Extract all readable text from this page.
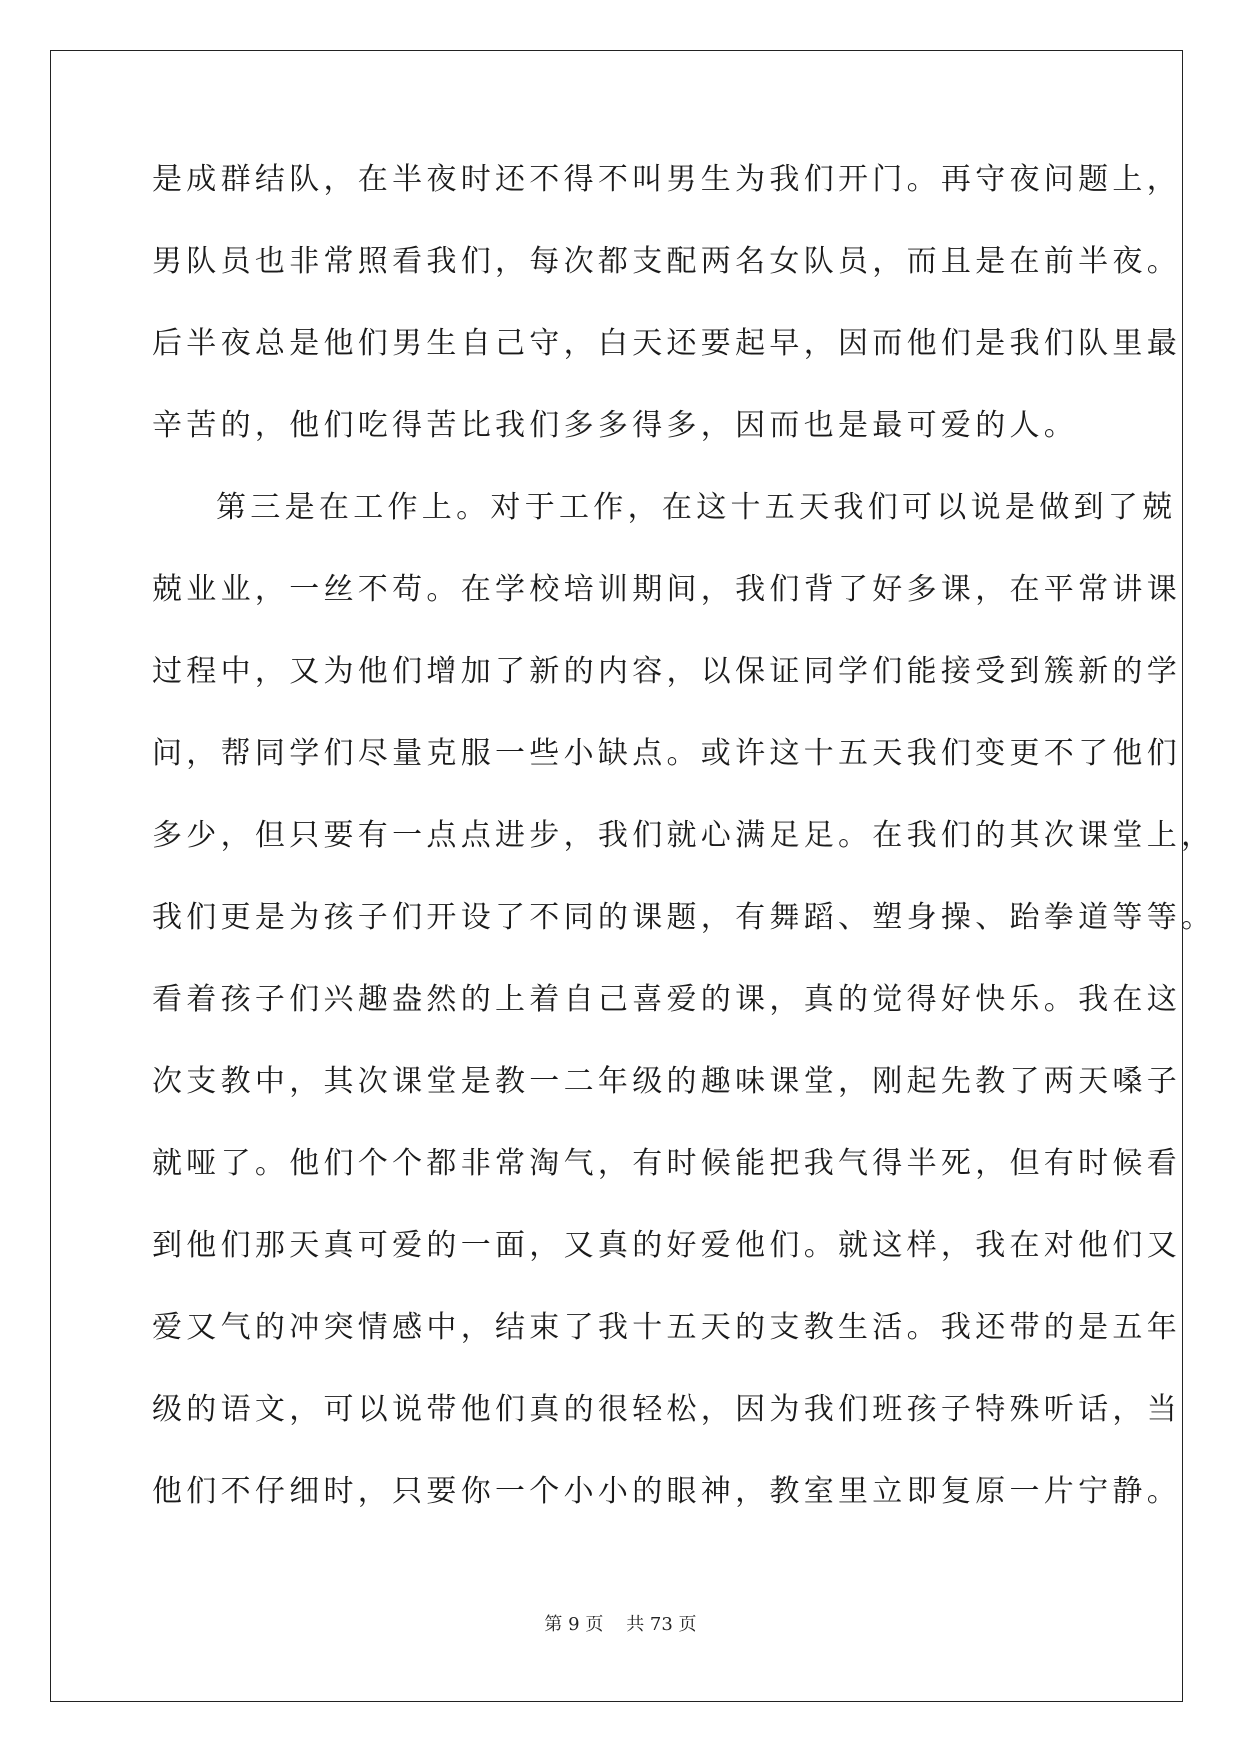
是成群结队，在半夜时还不得不叫男生为我们开门。再守夜问题上，
男队员也非常照看我们，每次都支配两名女队员，而且是在前半夜。
后半夜总是他们男生自己守，白天还要起早，因而他们是我们队里最
辛苦的，他们吃得苦比我们多多得多，因而也是最可爱的人。
第三是在工作上。对于工作，在这十五天我们可以说是做到了兢
兢业业，一丝不苟。在学校培训期间，我们背了好多课，在平常讲课
过程中，又为他们增加了新的内容，以保证同学们能接受到簇新的学
问，帮同学们尽量克服一些小缺点。或许这十五天我们变更不了他们
多少，但只要有一点点进步，我们就心满足足。在我们的其次课堂上，
我们更是为孩子们开设了不同的课题，有舞蹈、塑身操、跆拳道等等。
看着孩子们兴趣盎然的上着自己喜爱的课，真的觉得好快乐。我在这
次支教中，其次课堂是教一二年级的趣味课堂，刚起先教了两天嗓子
就哑了。他们个个都非常淘气，有时候能把我气得半死，但有时候看
到他们那天真可爱的一面，又真的好爱他们。就这样，我在对他们又
爱又气的冲突情感中，结束了我十五天的支教生活。我还带的是五年
级的语文，可以说带他们真的很轻松，因为我们班孩子特殊听话，当
他们不仔细时，只要你一个小小的眼神，教室里立即复原一片宁静。
第 9 页    共 73 页
